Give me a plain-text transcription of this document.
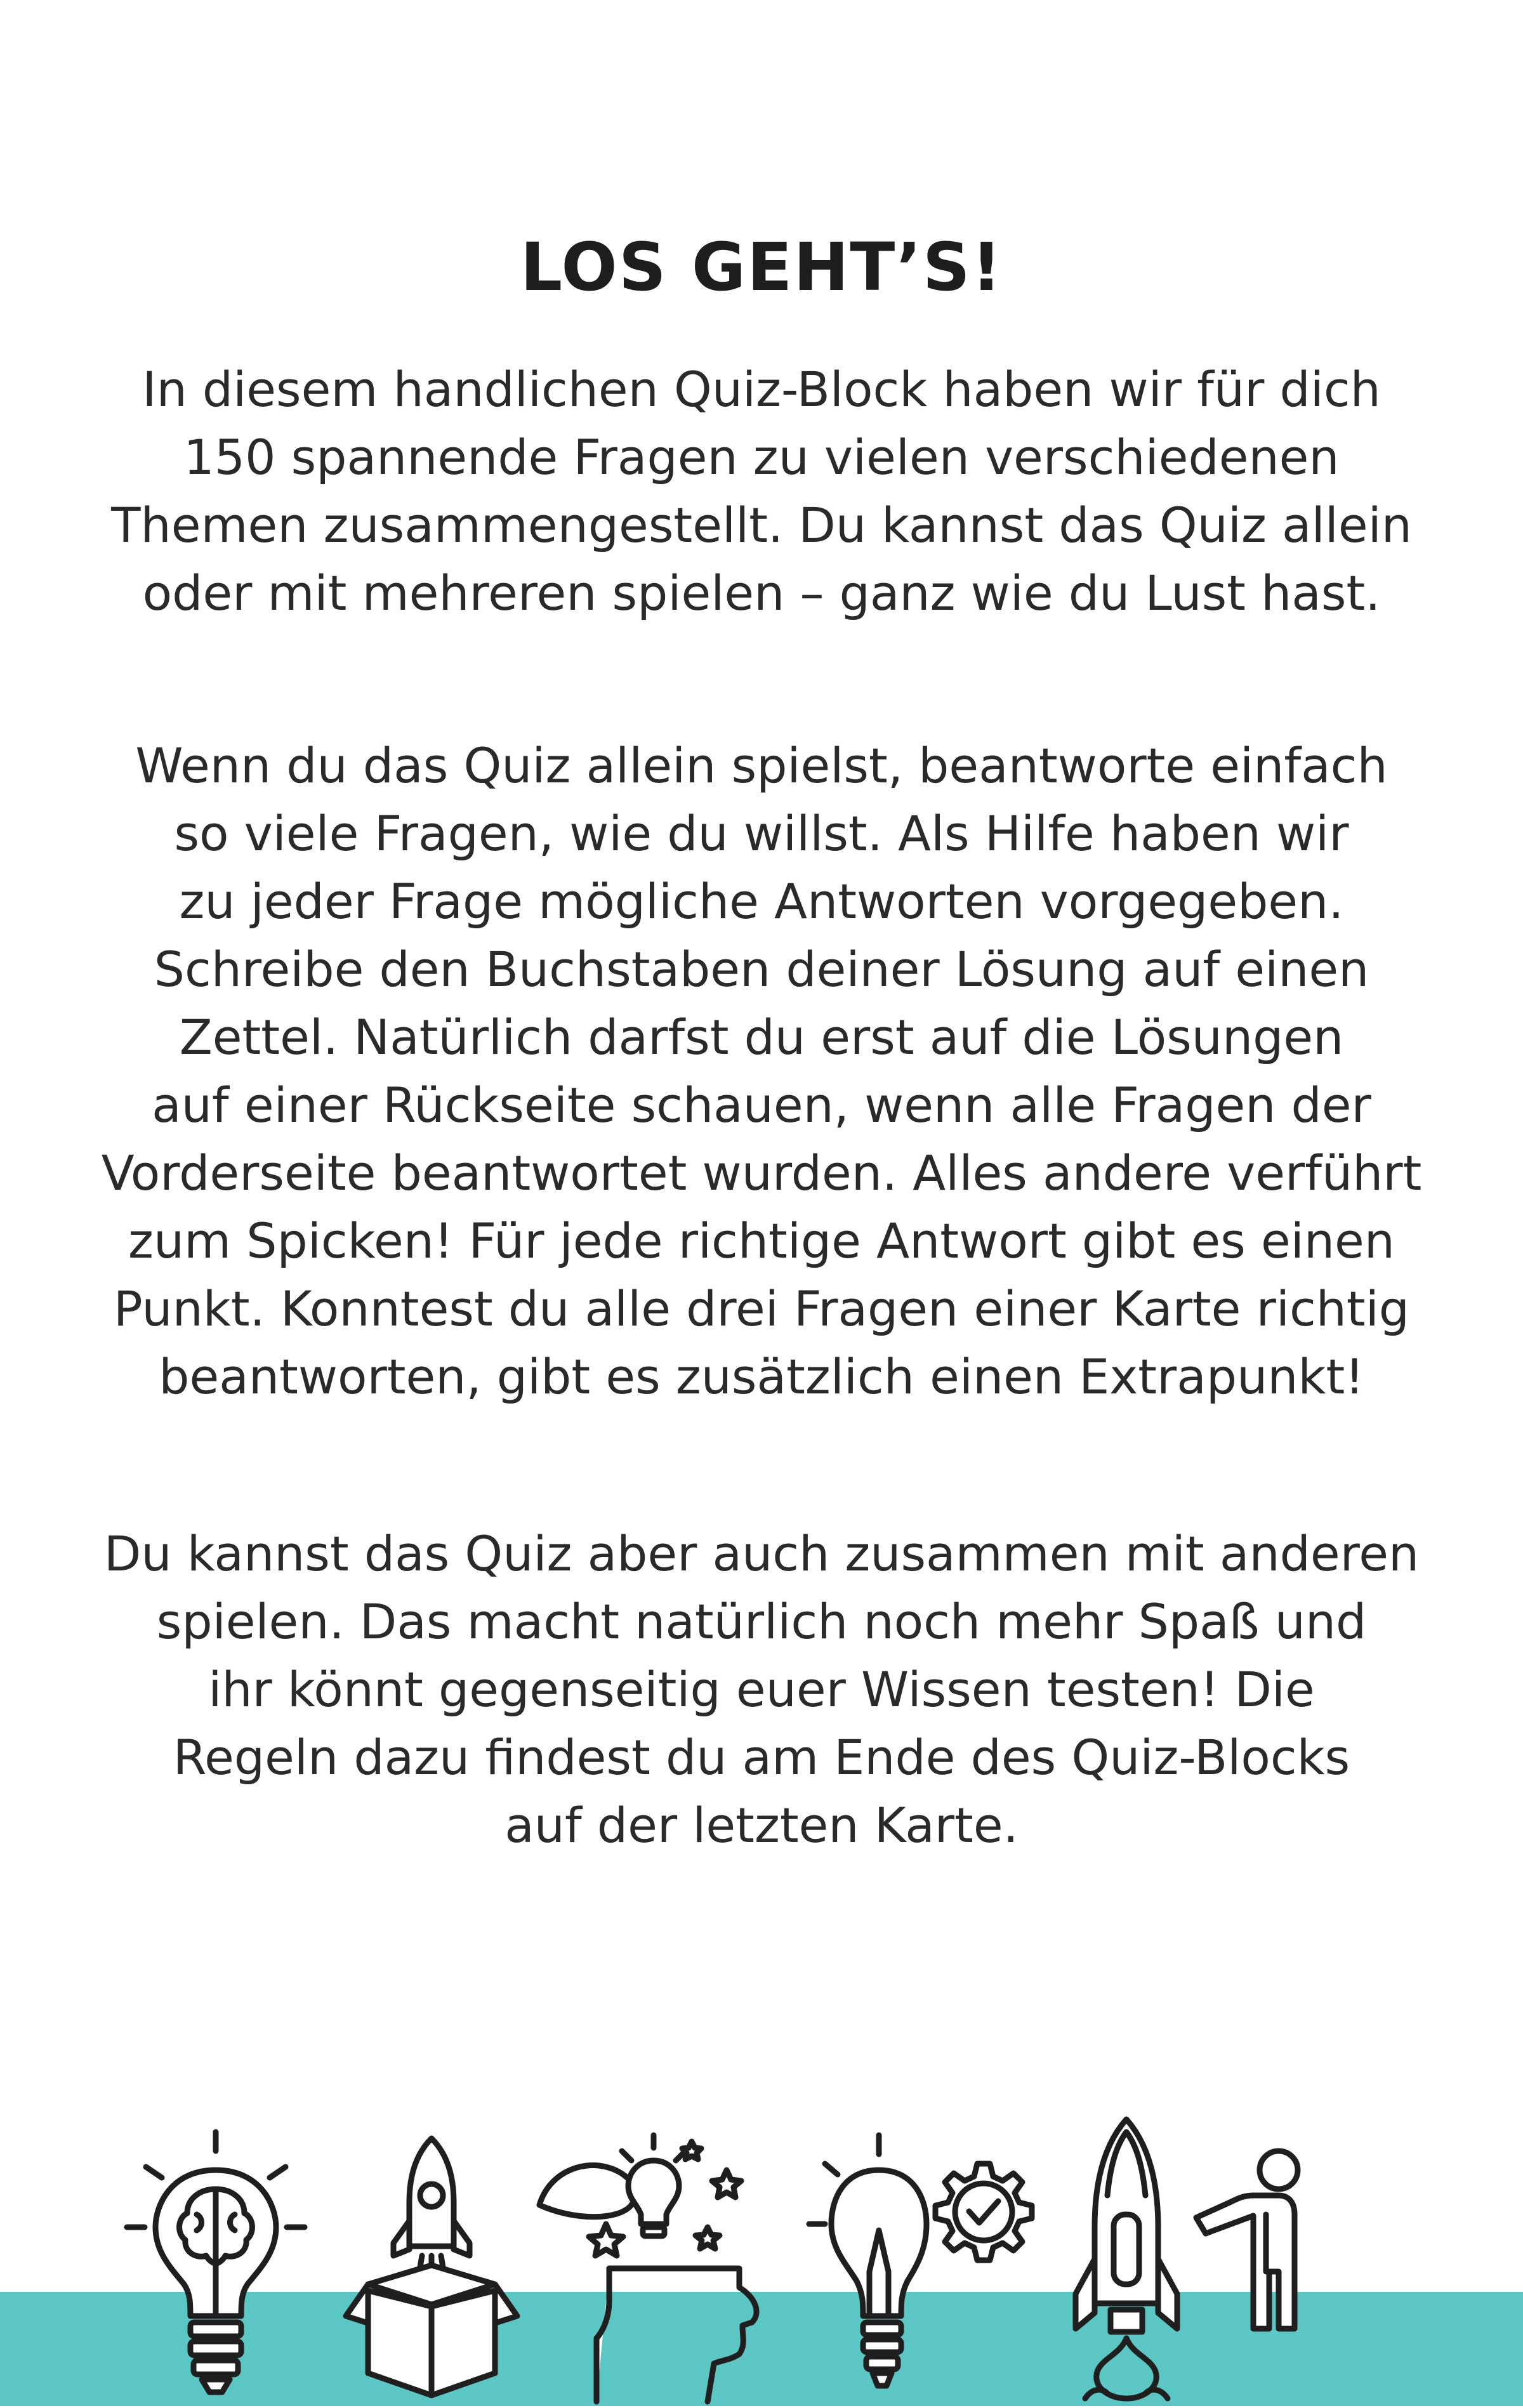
LOS GEHT’S!

In diesem handlichen Quiz-Block haben wir für dich
150 spannende Fragen zu vielen verschiedenen
Themen zusammengestellt. Du kannst das Quiz allein
oder mit mehreren spielen – ganz wie du Lust hast.

Wenn du das Quiz allein spielst, beantworte einfach
so viele Fragen, wie du willst. Als Hilfe haben wir
zu jeder Frage mögliche Antworten vorgegeben.
Schreibe den Buchstaben deiner Lösung auf einen
Zettel. Natürlich darfst du erst auf die Lösungen
auf einer Rückseite schauen, wenn alle Fragen der
Vorderseite beantwortet wurden. Alles andere verführt
zum Spicken! Für jede richtige Antwort gibt es einen
Punkt. Konntest du alle drei Fragen einer Karte richtig
beantworten, gibt es zusätzlich einen Extrapunkt!

Du kannst das Quiz aber auch zusammen mit anderen
spielen. Das macht natürlich noch mehr Spaß und
ihr könnt gegenseitig euer Wissen testen! Die
Regeln dazu findest du am Ende des Quiz-Blocks
auf der letzten Karte.
